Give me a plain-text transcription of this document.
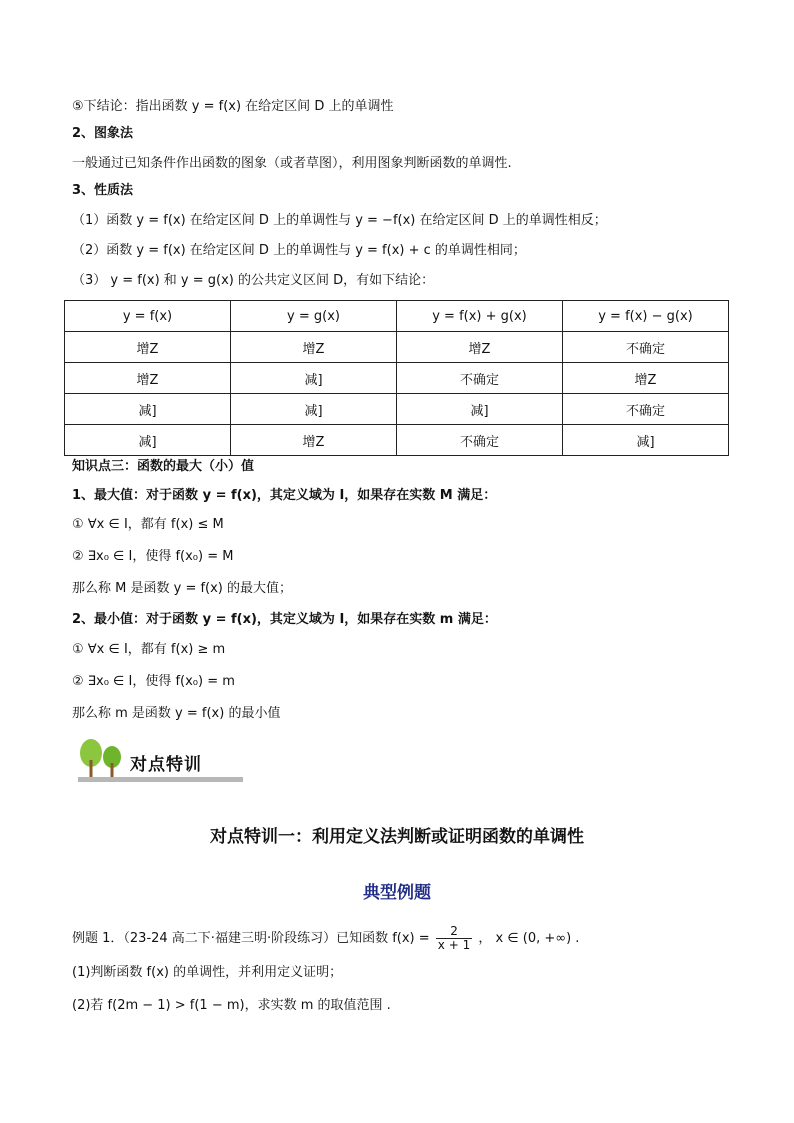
⑤下结论：指出函数 y = f(x) 在给定区间 D 上的单调性
2、图象法
一般通过已知条件作出函数的图象（或者草图），利用图象判断函数的单调性.
3、性质法
（1）函数 y = f(x) 在给定区间 D 上的单调性与 y = −f(x) 在给定区间 D 上的单调性相反；
（2）函数 y = f(x) 在给定区间 D 上的单调性与 y = f(x) + c 的单调性相同；
（3） y = f(x) 和 y = g(x) 的公共定义区间 D，有如下结论：
y = f(x)	y = g(x)	y = f(x) + g(x)	y = f(x) − g(x)
增Z	增Z	增Z	不确定
增Z	减]	不确定	增Z
减]	减]	减]	不确定
减]	增Z	不确定	减]
知识点三：函数的最大（小）值
1、最大值：对于函数 y = f(x)，其定义域为 I，如果存在实数 M 满足：
① ∀x ∈ I，都有 f(x) ≤ M
② ∃x₀ ∈ I，使得 f(x₀) = M
那么称 M 是函数 y = f(x) 的最大值；
2、最小值：对于函数 y = f(x)，其定义域为 I，如果存在实数 m 满足：
① ∀x ∈ I，都有 f(x) ≥ m
② ∃x₀ ∈ I，使得 f(x₀) = m
那么称 m 是函数 y = f(x) 的最小值
对点特训
对点特训一：利用定义法判断或证明函数的单调性
典型例题
例题 1．（23-24 高二下·福建三明·阶段练习）已知函数 $f(x) = \frac{2}{x + 1}$ ， x ∈ (0, +∞) .
(1)判断函数 f(x) 的单调性，并利用定义证明；
(2)若 f(2m − 1) > f(1 − m)，求实数 m 的取值范围 .
